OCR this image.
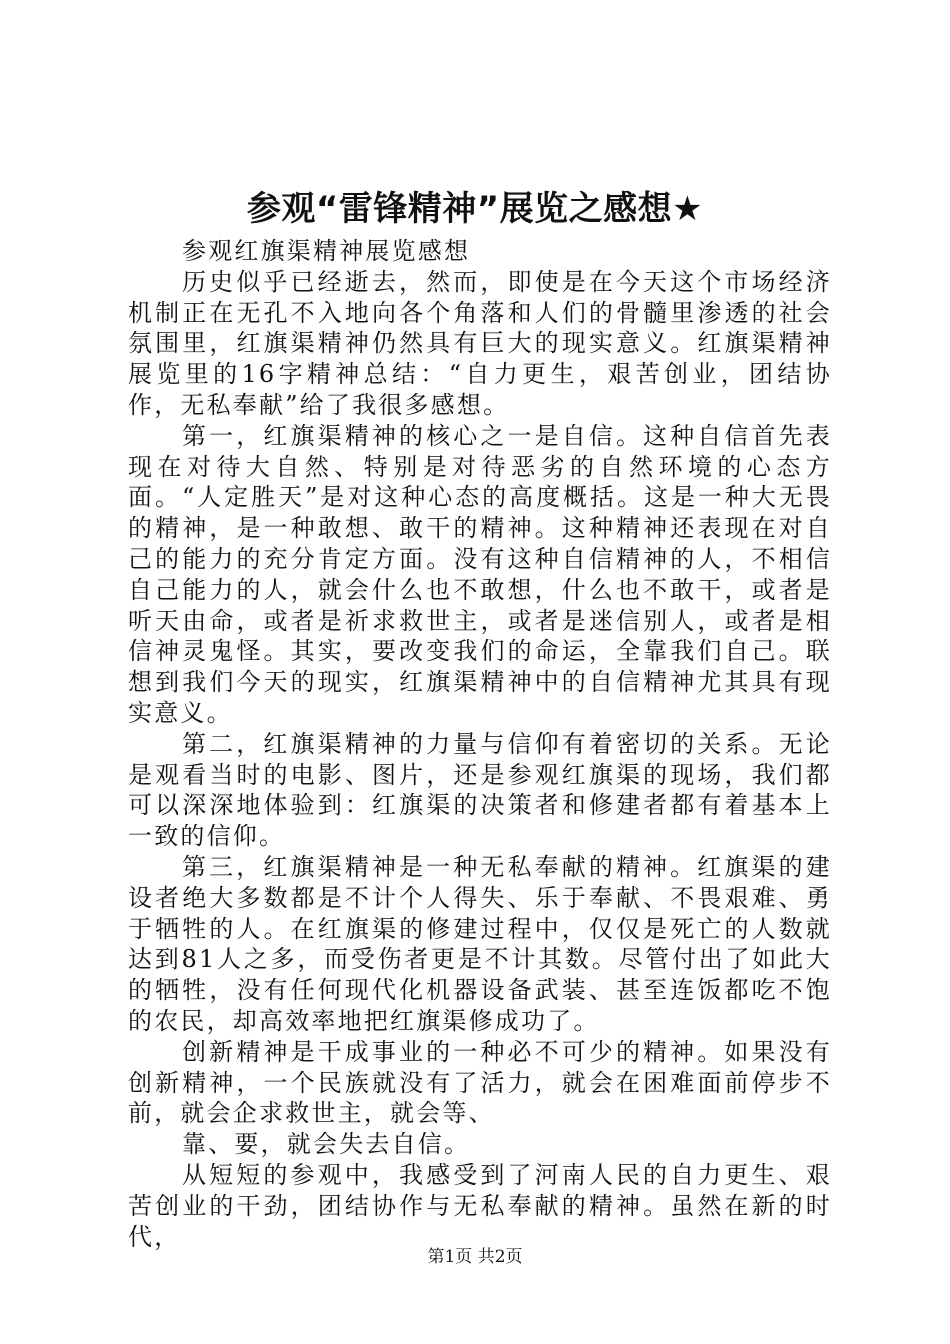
参观“雷锋精神”展览之感想★

参观红旗渠精神展览感想

历史似乎已经逝去，然而，即使是在今天这个市场经济机制正在无孔不入地向各个角落和人们的骨髓里渗透的社会氛围里，红旗渠精神仍然具有巨大的现实意义。红旗渠精神展览里的16字精神总结：“自力更生，艰苦创业，团结协作，无私奉献”给了我很多感想。

第一，红旗渠精神的核心之一是自信。这种自信首先表现在对待大自然、特别是对待恶劣的自然环境的心态方面。“人定胜天”是对这种心态的高度概括。这是一种大无畏的精神，是一种敢想、敢干的精神。这种精神还表现在对自己的能力的充分肯定方面。没有这种自信精神的人，不相信自己能力的人，就会什么也不敢想，什么也不敢干，或者是听天由命，或者是祈求救世主，或者是迷信别人，或者是相信神灵鬼怪。其实，要改变我们的命运，全靠我们自己。联想到我们今天的现实，红旗渠精神中的自信精神尤其具有现实意义。

第二，红旗渠精神的力量与信仰有着密切的关系。无论是观看当时的电影、图片，还是参观红旗渠的现场，我们都可以深深地体验到：红旗渠的决策者和修建者都有着基本上一致的信仰。

第三，红旗渠精神是一种无私奉献的精神。红旗渠的建设者绝大多数都是不计个人得失、乐于奉献、不畏艰难、勇于牺牲的人。在红旗渠的修建过程中，仅仅是死亡的人数就达到81人之多，而受伤者更是不计其数。尽管付出了如此大的牺牲，没有任何现代化机器设备武装、甚至连饭都吃不饱的农民，却高效率地把红旗渠修成功了。

创新精神是干成事业的一种必不可少的精神。如果没有创新精神，一个民族就没有了活力，就会在困难面前停步不前，就会企求救世主，就会等、

靠、要，就会失去自信。

从短短的参观中，我感受到了河南人民的自力更生、艰苦创业的干劲，团结协作与无私奉献的精神。虽然在新的时代，

第1页 共2页
